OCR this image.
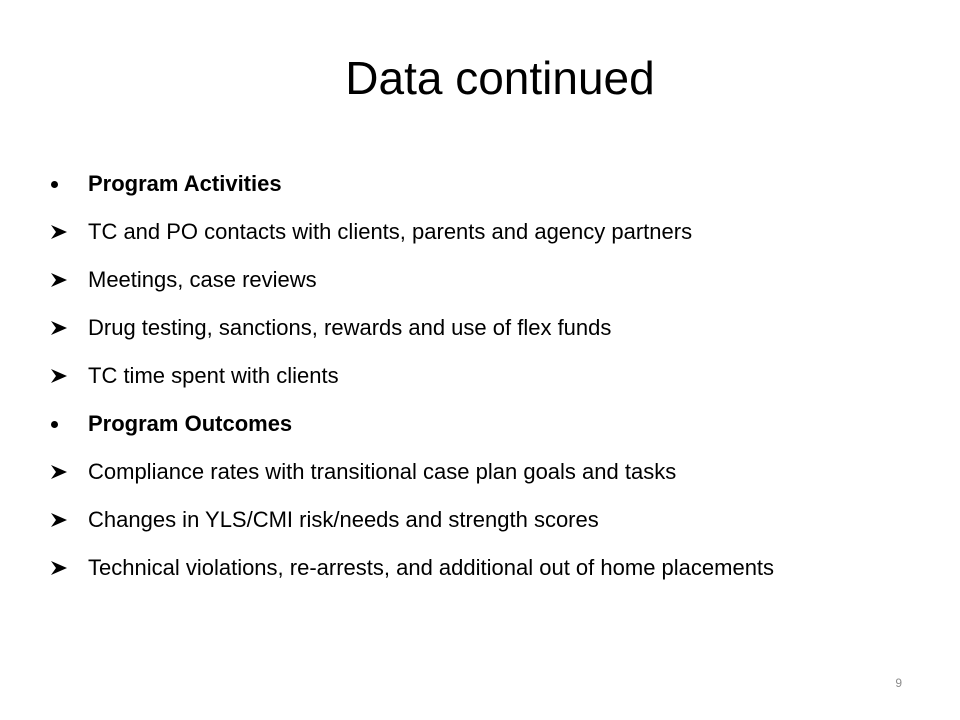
Data continued
Program Activities
TC and PO contacts with clients, parents and agency partners
Meetings, case reviews
Drug testing, sanctions, rewards and use of flex funds
TC time spent with clients
Program Outcomes
Compliance rates with transitional case plan goals and tasks
Changes in YLS/CMI risk/needs and strength scores
Technical violations, re-arrests, and additional out of home placements
9
